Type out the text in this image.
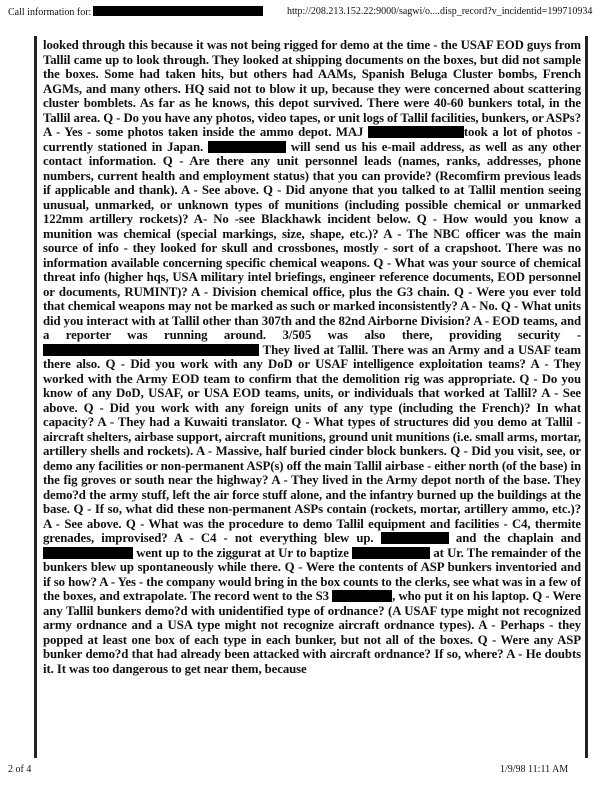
Call information for:	http://208.213.152.22:9000/sagwi/o....disp_record?v_incidentid=199710934

looked through this because it was not being rigged for demo at the time - the USAF EOD guys from Tallil came up to look through. They looked at shipping documents on the boxes, but did not sample the boxes. Some had taken hits, but others had AAMs, Spanish Beluga Cluster bombs, French AGMs, and many others. HQ said not to blow it up, because they were concerned about scattering cluster bomblets. As far as he knows, this depot survived. There were 40-60 bunkers total, in the Tallil area. Q - Do you have any photos, video tapes, or unit logs of Tallil facilities, bunkers, or ASPs? A - Yes - some photos taken inside the ammo depot. MAJ	took a lot of photos - currently stationed in Japan.	will send us his e-mail address, as well as any other contact information. Q - Are there any unit personnel leads (names, ranks, addresses, phone numbers, current health and employment status) that you can provide? (Recomfirm previous leads if applicable and thank). A - See above. Q - Did anyone that you talked to at Tallil mention seeing unusual, unmarked, or unknown types of munitions (including possible chemical or unmarked 122mm artillery rockets)? A- No -see Blackhawk incident below. Q - How would you know a munition was chemical (special markings, size, shape, etc.)? A - The NBC officer was the main source of info - they looked for skull and crossbones, mostly - sort of a crapshoot. There was no information available concerning specific chemical weapons. Q - What was your source of chemical threat info (higher hqs, USA military intel briefings, engineer reference documents, EOD personnel or documents, RUMINT)? A - Division chemical office, plus the G3 chain. Q - Were you ever told that chemical weapons may not be marked as such or marked inconsistently? A - No. Q - What units did you interact with at Tallil other than 307th and the 82nd Airborne Division? A - EOD teams, and a reporter was running around. 3/505 was also there, providing security -  They lived at Tallil. There was an Army and a USAF team there also. Q - Did you work with any DoD or USAF intelligence exploitation teams? A - They worked with the Army EOD team to confirm that the demolition rig was appropriate. Q - Do you know of any DoD, USAF, or USA EOD teams, units, or individuals that worked at Tallil? A - See above. Q - Did you work with any foreign units of any type (including the French)? In what capacity? A - They had a Kuwaiti translator. Q - What types of structures did you demo at Tallil - aircraft shelters, airbase support, aircraft munitions, ground unit munitions (i.e. small arms, mortar, artillery shells and rockets). A - Massive, half buried cinder block bunkers. Q - Did you visit, see, or demo any facilities or non-permanent ASP(s) off the main Tallil airbase - either north (of the base) in the fig groves or south near the highway? A - They lived in the Army depot north of the base. They demo?d the army stuff, left the air force stuff alone, and the infantry burned up the buildings at the base. Q - If so, what did these non-permanent ASPs contain (rockets, mortar, artillery ammo, etc.)? A - See above. Q - What was the procedure to demo Tallil equipment and facilities - C4, thermite grenades, improvised? A - C4 - not everything blew up.	and the chaplain and  went up to the ziggurat at Ur to baptize	at Ur. The remainder of the bunkers blew up spontaneously while there. Q - Were the contents of ASP bunkers inventoried and if so how? A - Yes - the company would bring in the box counts to the clerks, see what was in a few of the boxes, and extrapolate. The record went to the S3	, who put it on his laptop. Q - Were any Tallil bunkers demo?d with unidentified type of ordnance? (A USAF type might not recognized army ordnance and a USA type might not recognize aircraft ordnance types). A - Perhaps - they popped at least one box of each type in each bunker, but not all of the boxes. Q - Were any ASP bunker demo?d that had already been attacked with aircraft ordnance? If so, where? A - He doubts it. It was too dangerous to get near them, because

2 of 4	1/9/98 11:11 AM
